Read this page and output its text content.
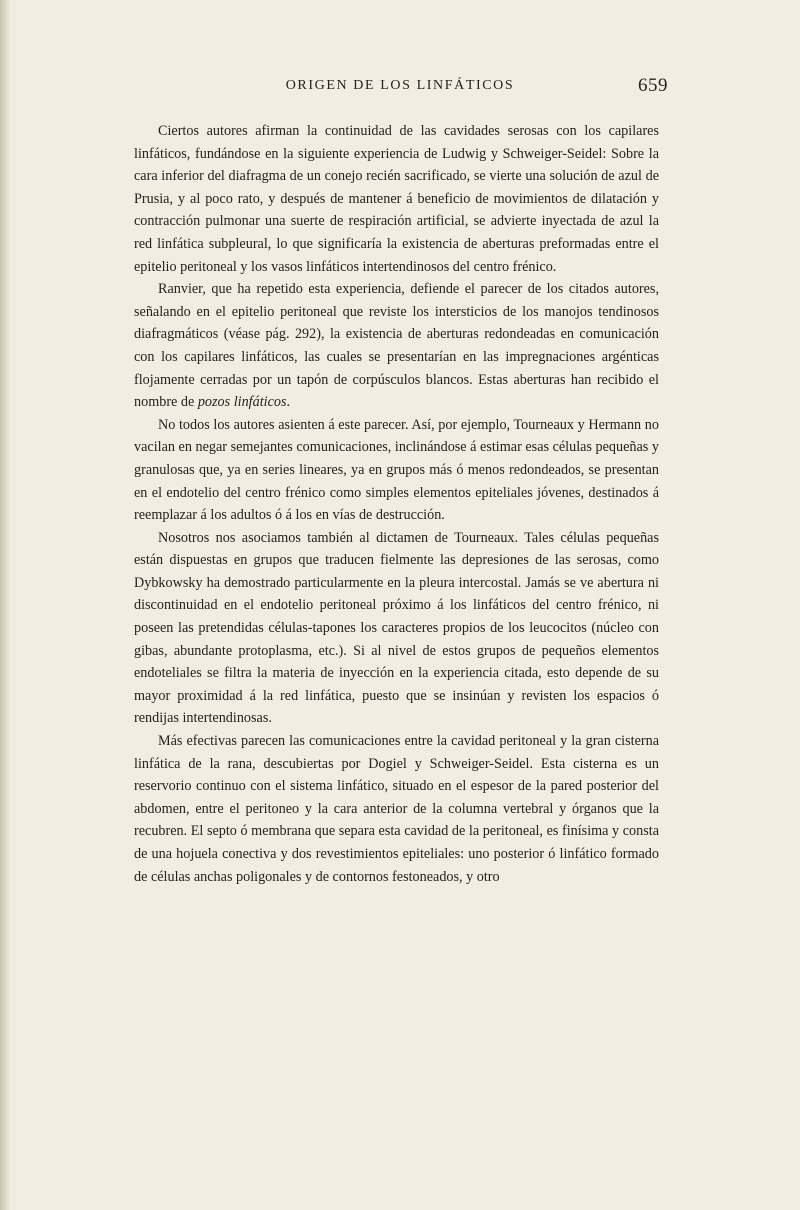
ORIGEN DE LOS LINFÁTICOS	659

Ciertos autores afirman la continuidad de las cavidades serosas con los capilares linfáticos, fundándose en la siguiente experiencia de Ludwig y Schweiger-Seidel: Sobre la cara inferior del diafragma de un conejo recién sacrificado, se vierte una solución de azul de Prusia, y al poco rato, y después de mantener á beneficio de movimientos de dilatación y contracción pulmonar una suerte de respiración artificial, se advierte inyectada de azul la red linfática subpleural, lo que significaría la existencia de aberturas preformadas entre el epitelio peritoneal y los vasos linfáticos intertendinosos del centro frénico.

Ranvier, que ha repetido esta experiencia, defiende el parecer de los citados autores, señalando en el epitelio peritoneal que reviste los intersticios de los manojos tendinosos diafragmáticos (véase pág. 292), la existencia de aberturas redondeadas en comunicación con los capilares linfáticos, las cuales se presentarían en las impregnaciones argénticas flojamente cerradas por un tapón de corpúsculos blancos. Estas aberturas han recibido el nombre de pozos linfáticos.

No todos los autores asienten á este parecer. Así, por ejemplo, Tourneaux y Hermann no vacilan en negar semejantes comunicaciones, inclinándose á estimar esas células pequeñas y granulosas que, ya en series lineares, ya en grupos más ó menos redondeados, se presentan en el endotelio del centro frénico como simples elementos epiteliales jóvenes, destinados á reemplazar á los adultos ó á los en vías de destrucción.

Nosotros nos asociamos también al dictamen de Tourneaux. Tales células pequeñas están dispuestas en grupos que traducen fielmente las depresiones de las serosas, como Dybkowsky ha demostrado particularmente en la pleura intercostal. Jamás se ve abertura ni discontinuidad en el endotelio peritoneal próximo á los linfáticos del centro frénico, ni poseen las pretendidas células-tapones los caracteres propios de los leucocitos (núcleo con gibas, abundante protoplasma, etc.). Si al nivel de estos grupos de pequeños elementos endoteliales se filtra la materia de inyección en la experiencia citada, esto depende de su mayor proximidad á la red linfática, puesto que se insinúan y revisten los espacios ó rendijas intertendinosas.

Más efectivas parecen las comunicaciones entre la cavidad peritoneal y la gran cisterna linfática de la rana, descubiertas por Dogiel y Schweiger-Seidel. Esta cisterna es un reservorio continuo con el sistema linfático, situado en el espesor de la pared posterior del abdomen, entre el peritoneo y la cara anterior de la columna vertebral y órganos que la recubren. El septo ó membrana que separa esta cavidad de la peritoneal, es finísima y consta de una hojuela conectiva y dos revestimientos epiteliales: uno posterior ó linfático formado de células anchas poligonales y de contornos festoneados, y otro
